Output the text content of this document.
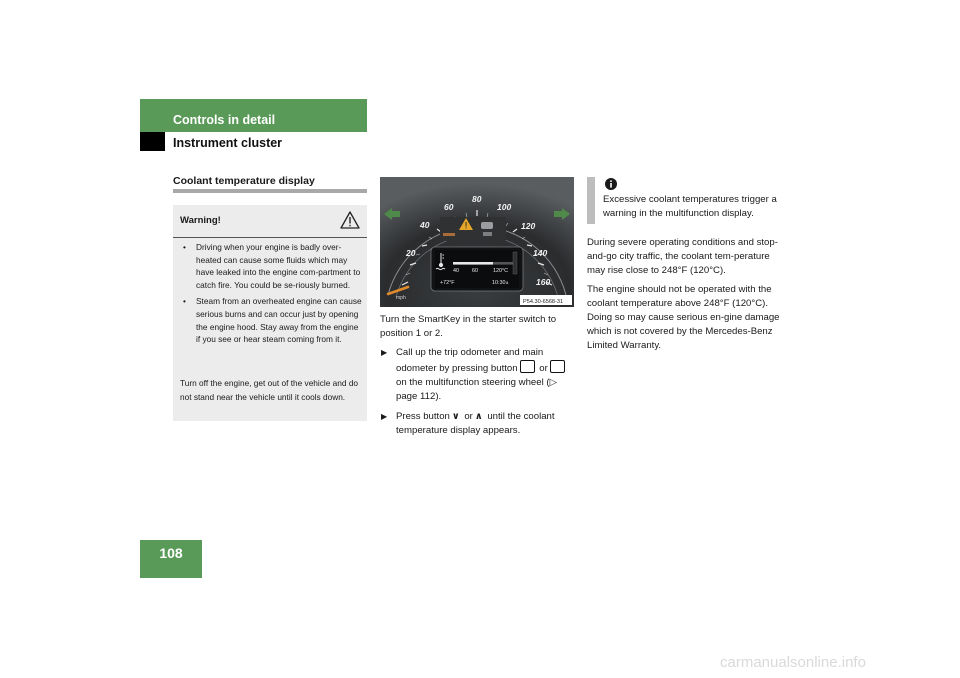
Controls in detail
Instrument cluster
Coolant temperature display
Warning!
• Driving when your engine is badly over-heated can cause some fluids which may have leaked into the engine com-partment to catch fire. You could be se-riously burned.
• Steam from an overheated engine can cause serious burns and can occur just by opening the engine hood. Stay away from the engine if you see or hear steam coming from it.
Turn off the engine, get out of the vehicle and do not stand near the vehicle until it cools down.
20
40
60
80
100
120
140
160
40 60	120°C
+72°F	10:30 a
mph
P54.30-6568-31
Turn the SmartKey in the starter switch to position 1 or 2.
▶ Call up the trip odometer and main odometer by pressing button or on the multifunction steering wheel (▷ page 112).
▶ Press button ∨ or ∧ until the coolant temperature display appears.
Excessive coolant temperatures trigger a warning in the multifunction display.
During severe operating conditions and stop-and-go city traffic, the coolant tem-perature may rise close to 248°F (120°C).
The engine should not be operated with the coolant temperature above 248°F (120°C). Doing so may cause serious en-gine damage which is not covered by the Mercedes-Benz Limited Warranty.
108
carmanualsonline.info
